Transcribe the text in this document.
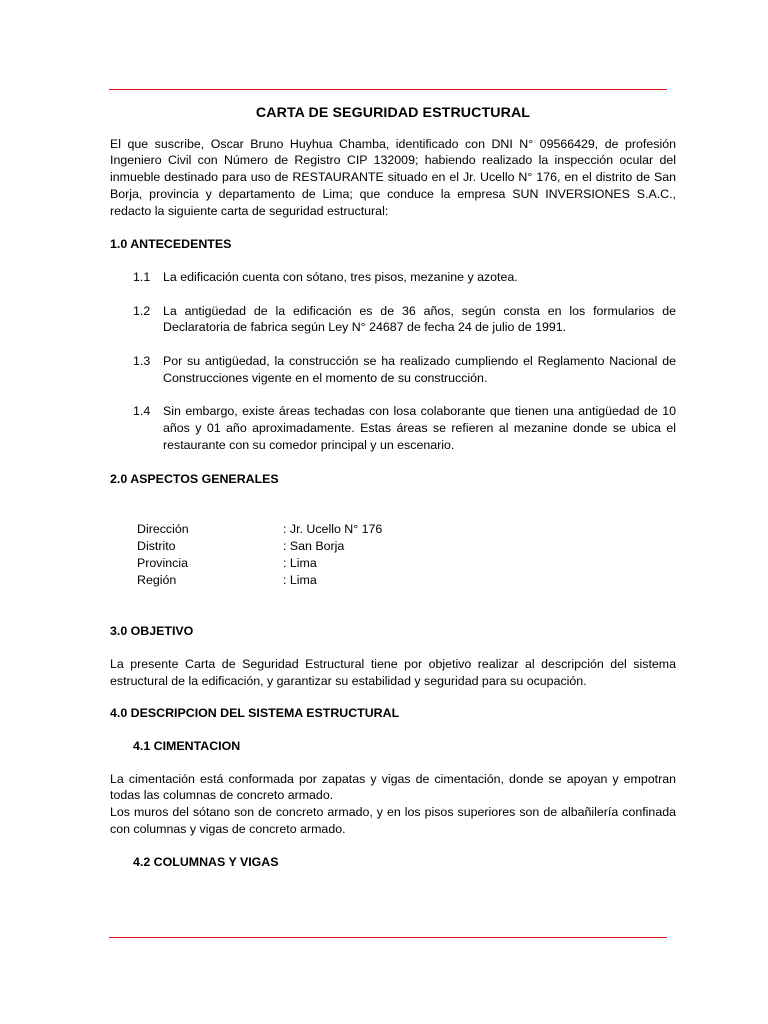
CARTA DE SEGURIDAD ESTRUCTURAL

El que suscribe, Oscar Bruno Huyhua Chamba, identificado con DNI N° 09566429, de profesión Ingeniero Civil con Número de Registro CIP 132009; habiendo realizado la inspección ocular del inmueble destinado para uso de RESTAURANTE situado en el Jr. Ucello N° 176, en el distrito de San Borja, provincia y departamento de Lima; que conduce la empresa SUN INVERSIONES S.A.C., redacto la siguiente carta de seguridad estructural:

1.0 ANTECEDENTES

1.1	La edificación cuenta con sótano, tres pisos, mezanine y azotea.
1.2	La antigüedad de la edificación es de 36 años, según consta en los formularios de Declaratoria de fabrica según Ley N° 24687 de fecha 24 de julio de 1991.
1.3	Por su antigüedad, la construcción se ha realizado cumpliendo el Reglamento Nacional de Construcciones vigente en el momento de su construcción.
1.4	Sin embargo, existe áreas techadas con losa colaborante que tienen una antigüedad de 10 años y 01 año aproximadamente. Estas áreas se refieren al mezanine donde se ubica el restaurante con su comedor principal y un escenario.

2.0 ASPECTOS GENERALES

Dirección	: Jr. Ucello N° 176
Distrito	: San Borja
Provincia	: Lima
Región	: Lima

3.0 OBJETIVO

La presente Carta de Seguridad Estructural tiene por objetivo realizar al descripción del sistema estructural de la edificación, y garantizar su estabilidad y seguridad para su ocupación.

4.0 DESCRIPCION DEL SISTEMA ESTRUCTURAL

4.1 CIMENTACION

La cimentación está conformada por zapatas y vigas de cimentación, donde se apoyan y empotran todas las columnas de concreto armado.

Los muros del sótano son de concreto armado, y en los pisos superiores son de albañilería confinada con columnas y vigas de concreto armado.

4.2 COLUMNAS Y VIGAS
